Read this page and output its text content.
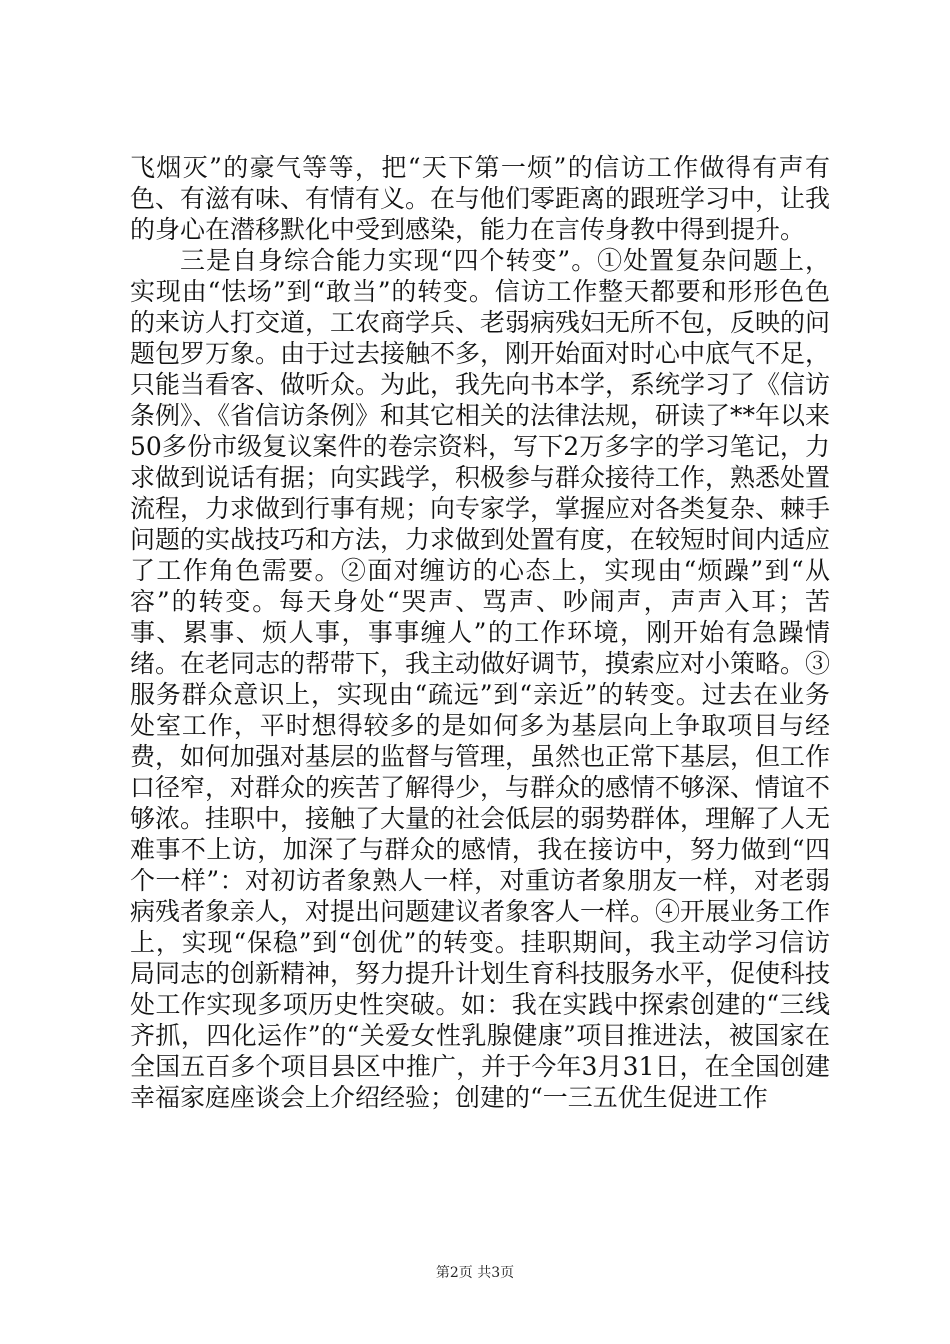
飞烟灭”的豪气等等，把“天下第一烦”的信访工作做得有声有色、有滋有味、有情有义。在与他们零距离的跟班学习中，让我的身心在潜移默化中受到感染，能力在言传身教中得到提升。

三是自身综合能力实现“四个转变”。①处置复杂问题上，实现由“怯场”到“敢当”的转变。信访工作整天都要和形形色色的来访人打交道，工农商学兵、老弱病残妇无所不包，反映的问题包罗万象。由于过去接触不多，刚开始面对时心中底气不足，只能当看客、做听众。为此，我先向书本学，系统学习了《信访条例》、《省信访条例》和其它相关的法律法规，研读了**年以来50多份市级复议案件的卷宗资料，写下2万多字的学习笔记，力求做到说话有据；向实践学，积极参与群众接待工作，熟悉处置流程，力求做到行事有规；向专家学，掌握应对各类复杂、棘手问题的实战技巧和方法，力求做到处置有度，在较短时间内适应了工作角色需要。②面对缠访的心态上，实现由“烦躁”到“从容”的转变。每天身处“哭声、骂声、吵闹声，声声入耳；苦事、累事、烦人事，事事缠人”的工作环境，刚开始有急躁情绪。在老同志的帮带下，我主动做好调节，摸索应对小策略。③服务群众意识上，实现由“疏远”到“亲近”的转变。过去在业务处室工作，平时想得较多的是如何多为基层向上争取项目与经费，如何加强对基层的监督与管理，虽然也正常下基层，但工作口径窄，对群众的疾苦了解得少，与群众的感情不够深、情谊不够浓。挂职中，接触了大量的社会低层的弱势群体，理解了人无难事不上访，加深了与群众的感情，我在接访中，努力做到“四个一样”：对初访者象熟人一样，对重访者象朋友一样，对老弱病残者象亲人，对提出问题建议者象客人一样。④开展业务工作上，实现“保稳”到“创优”的转变。挂职期间，我主动学习信访局同志的创新精神，努力提升计划生育科技服务水平，促使科技处工作实现多项历史性突破。如：我在实践中探索创建的“三线齐抓，四化运作”的“关爱女性乳腺健康”项目推进法，被国家在全国五百多个项目县区中推广，并于今年3月31日，在全国创建幸福家庭座谈会上介绍经验；创建的“一三五优生促进工作

第2页 共3页
